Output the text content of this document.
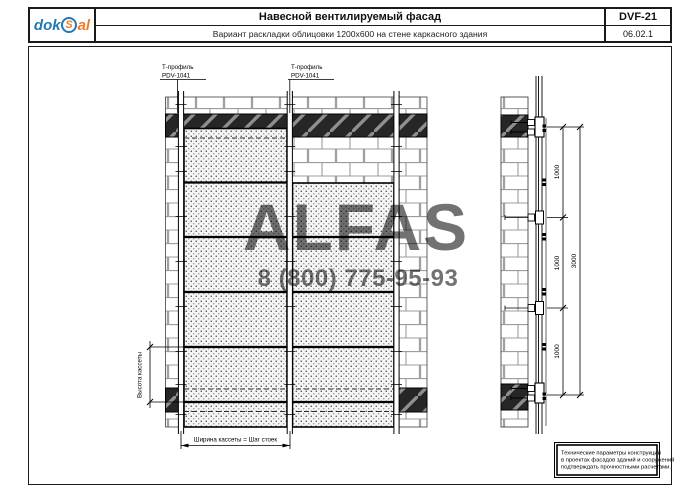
dok S al	Навесной вентилируемый фасад	DVF-21
Вариант раскладки облицовки 1200x600 на стене каркасного здания	06.02.1
Т-профиль
PDV-1041
Т-профиль
PDV-1041
Высота кассеты
Ширина кассеты = Шаг стоек
1000
1000
1000
3000
Технические параметры конструкций
в проектах фасадов зданий и сооружений
подтверждать прочностными расчетами.
ALFAS
8 (800) 775-95-93
